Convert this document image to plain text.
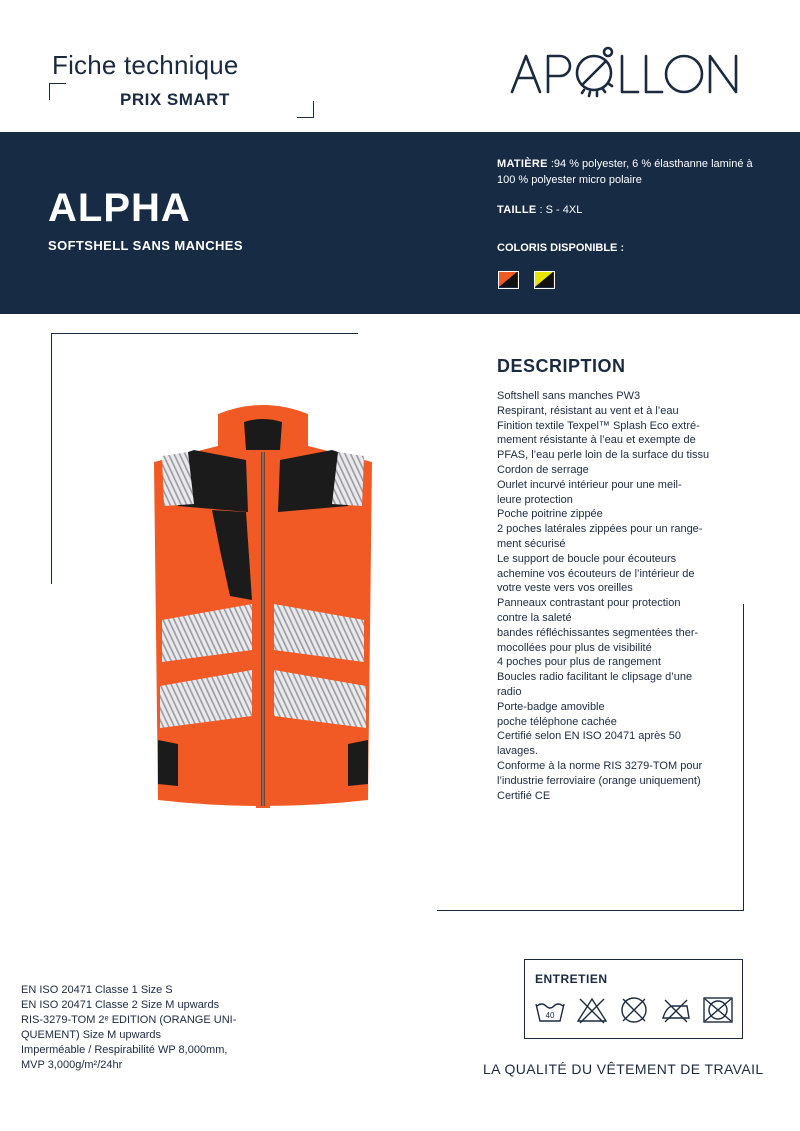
Fiche technique
PRIX SMART
APOLLON
ALPHA
SOFTSHELL SANS MANCHES
MATIÈRE :94 % polyester, 6 % élasthanne laminé à 100 % polyester micro polaire
TAILLE : S - 4XL
COLORIS DISPONIBLE :
DESCRIPTION
Softshell sans manches PW3
Respirant, résistant au vent et à l’eau
Finition textile Texpel™ Splash Eco extré-
mement résistante à l’eau et exempte de
PFAS, l’eau perle loin de la surface du tissu
Cordon de serrage
Ourlet incurvé intérieur pour une meil-
leure protection
Poche poitrine zippée
2 poches latérales zippées pour un range-
ment sécurisé
Le support de boucle pour écouteurs
achemine vos écouteurs de l’intérieur de
votre veste vers vos oreilles
Panneaux contrastant pour protection
contre la saleté
bandes réfléchissantes segmentées ther-
mocollées pour plus de visibilité
4 poches pour plus de rangement
Boucles radio facilitant le clipsage d’une
radio
Porte-badge amovible
poche téléphone cachée
Certifié selon EN ISO 20471 après 50
lavages.
Conforme à la norme RIS 3279-TOM pour
l’industrie ferroviaire (orange uniquement)
Certifié CE
EN ISO 20471 Classe 1 Size S
EN ISO 20471 Classe 2 Size M upwards
RIS-3279-TOM 2ᵉ EDITION (ORANGE UNI-
QUEMENT) Size M upwards
Imperméable / Respirabilité WP 8,000mm,
MVP 3,000g/m²/24hr
ENTRETIEN
40
LA QUALITÉ DU VÊTEMENT DE TRAVAIL
